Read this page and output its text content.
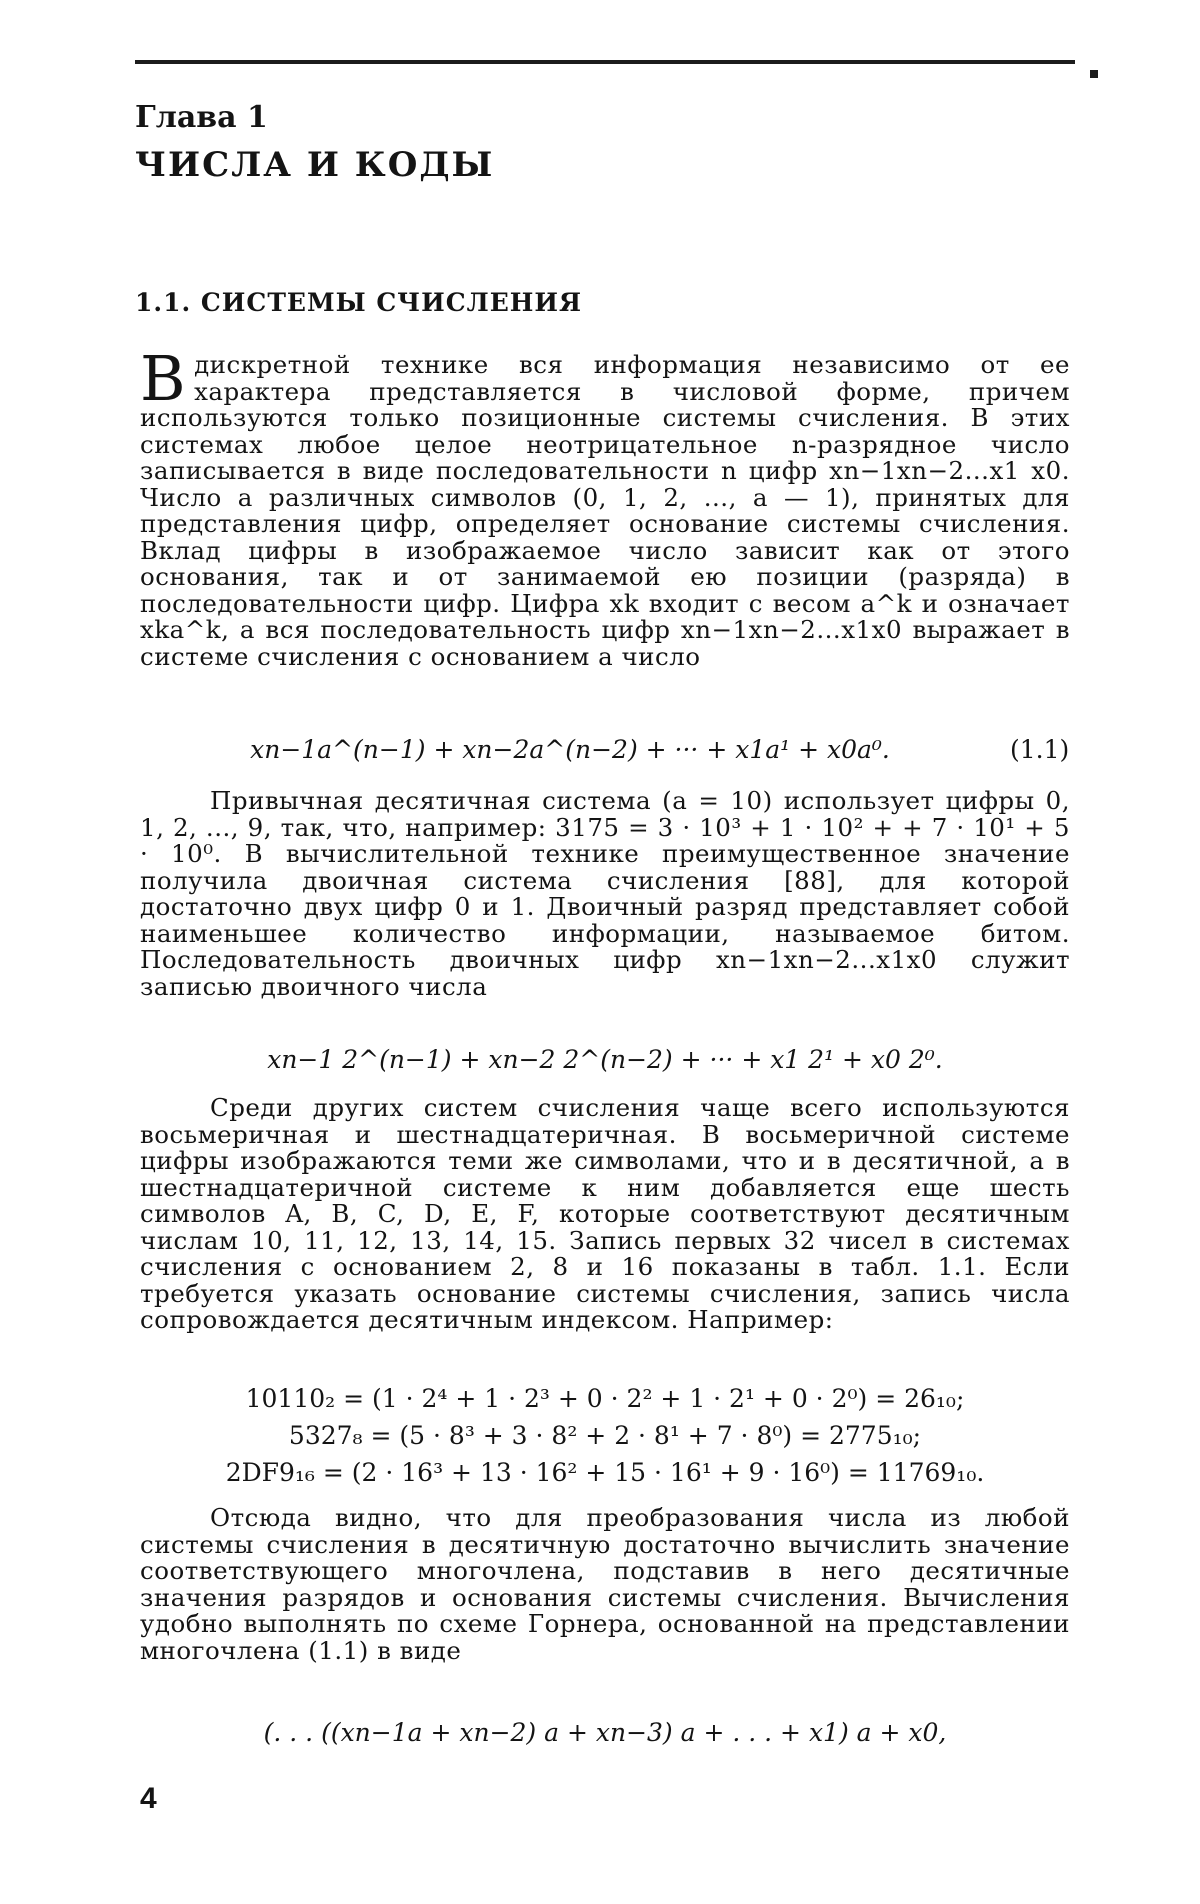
Глава 1
ЧИСЛА И КОДЫ
1.1. СИСТЕМЫ СЧИСЛЕНИЯ
В дискретной технике вся информация независимо от ее характера представляется в числовой форме, причем используются только позиционные системы счисления. В этих системах любое целое неотрицательное n-разрядное число записывается в виде последовательности n цифр xn−1xn−2...x1 x0. Число a различных символов (0, 1, 2, ..., a — 1), принятых для представления цифр, определяет основание системы счисления. Вклад цифры в изображаемое число зависит как от этого основания, так и от занимаемой ею позиции (разряда) в последовательности цифр. Цифра xk входит с весом a^k и означает xka^k, а вся последовательность цифр xn−1xn−2...x1x0 выражает в системе счисления с основанием a число
xn−1a^(n−1) + xn−2a^(n−2) + ··· + x1a¹ + x0a⁰.	(1.1)
Привычная десятичная система (a = 10) использует цифры 0, 1, 2, ..., 9, так, что, например: 3175 = 3 · 10³ + 1 · 10² + + 7 · 10¹ + 5 · 10⁰. В вычислительной технике преимущественное значение получила двоичная система счисления [88], для которой достаточно двух цифр 0 и 1. Двоичный разряд представляет собой наименьшее количество информации, называемое битом. Последовательность двоичных цифр xn−1xn−2...x1x0 служит записью двоичного числа
xn−1 2^(n−1) + xn−2 2^(n−2) + ··· + x1 2¹ + x0 2⁰.
Среди других систем счисления чаще всего используются восьмеричная и шестнадцатеричная. В восьмеричной системе цифры изображаются теми же символами, что и в десятичной, а в шестнадцатеричной системе к ним добавляется еще шесть символов A, B, C, D, E, F, которые соответствуют десятичным числам 10, 11, 12, 13, 14, 15. Запись первых 32 чисел в системах счисления с основанием 2, 8 и 16 показаны в табл. 1.1. Если требуется указать основание системы счисления, запись числа сопровождается десятичным индексом. Например:
10110₂ = (1 · 2⁴ + 1 · 2³ + 0 · 2² + 1 · 2¹ + 0 · 2⁰) = 26₁₀;
5327₈ = (5 · 8³ + 3 · 8² + 2 · 8¹ + 7 · 8⁰) = 2775₁₀;
2DF9₁₆ = (2 · 16³ + 13 · 16² + 15 · 16¹ + 9 · 16⁰) = 11769₁₀.
Отсюда видно, что для преобразования числа из любой системы счисления в десятичную достаточно вычислить значение соответствующего многочлена, подставив в него десятичные значения разрядов и основания системы счисления. Вычисления удобно выполнять по схеме Горнера, основанной на представлении многочлена (1.1) в виде
(. . . ((xn−1a + xn−2) a + xn−3) a + . . . + x1) a + x0,
4
